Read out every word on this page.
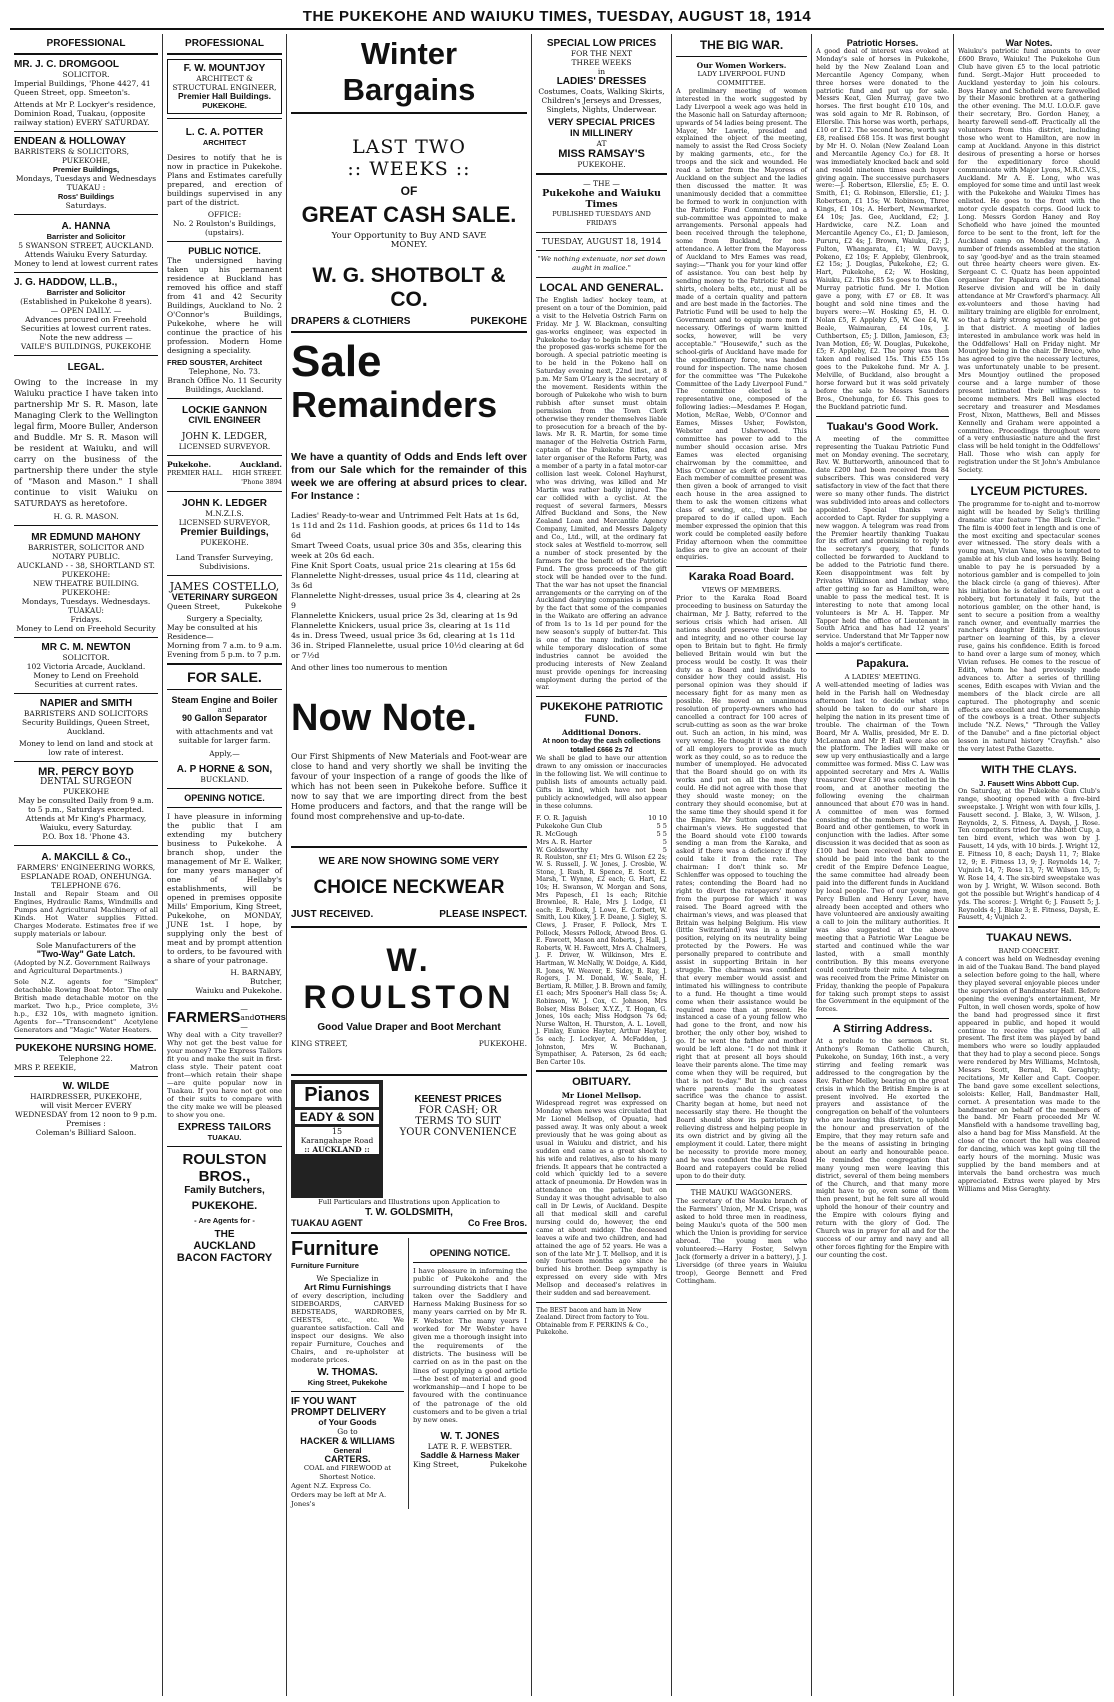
THE PUKEKOHE AND WAIUKU TIMES, TUESDAY, AUGUST 18, 1914
PROFESSIONAL
MR. J. C. DROMGOOL
SOLICITOR.

Imperial Buildings, 'Phone 4427, 41 Queen Street, opp. Smeeton's.

Attends at Mr P. Lockyer's residence, Dominion Road, Tuakau, (opposite railway station) EVERY SATURDAY.

ENDEAN & HOLLOWAY
BARRISTERS & SOLICITORS,
PUKEKOHE,
Premier Buildings,
Mondays, Tuesdays and Wednesdays
TUAKAU :
Ross' Buildings
Saturdays.
A. HANNA
Barrister and Solicitor
5 SWANSON STREET, AUCKLAND.
Attends Waiuku Every Saturday.
Money to lend at lowest current rates
J. G. HADDOW, LL.B.,
Barrister and Solicitor
(Established in Pukekohe 8 years).
— OPEN DAILY. —
Advances procured on Freehold Securities at lowest current rates.
Note the new address —
VAILE'S BUILDINGS, PUKEKOHE
LEGAL.

Owing to the increase in my Waiuku practice I have taken into partnership Mr S. R. Mason, late Managing Clerk to the Wellington legal firm, Moore Buller, Anderson and Buddle. Mr S. R. Mason will be resident at Waiuku, and will carry on the business of the partnership there under the style of "Mason and Mason." I shall continue to visit Waiuku on SATURDAYS as heretofore.

H. G. R. MASON.
MR EDMUND MAHONY
BARRISTER, SOLICITOR AND NOTARY PUBLIC.
AUCKLAND - - 38, SHORTLAND ST.
PUKEKOHE:
NEW THEATRE BUILDING.
PUKEKOHE:
Mondays, Tuesdays. Wednesdays.
TUAKAU:
Fridays.
Money to Lend on Freehold Security
MR C. M. NEWTON
SOLICITOR.
102 Victoria Arcade, Auckland.
Money to Lend on Freehold Securities at current rates.
NAPIER and SMITH
BARRISTERS AND SOLICITORS
Security Buildings, Queen Street, Auckland.
Money to lend on land and stock at low rate of interest.
MR. PERCY BOYD
DENTAL SURGEON
PUKEKOHE
May be consulted Daily from 9 a.m. to 5 p.m., Saturdays excepted.
Attends at Mr King's Pharmacy,
Waiuku, every Saturday.
P.O. Box 18. 'Phone 43.
A. MAKCILL & Co.,
FARMERS' ENGINEERING WORKS,
ESPLANADE ROAD, ONEHUNGA.
TELEPHONE 676.

Install and Repair Steam and Oil Engines, Hydraulic Rams, Windmills and Pumps and Agricultural Machinery of all Kinds. Hot Water supplies Fitted. Charges Moderate. Estimates free if we supply materials or labour.

Sole Manufacturers of the
"Two-Way" Gate Latch.

(Adopted by N.Z. Government Railways and Agricultural Departments.)

Sole N.Z. agents for "Simplex" detachable Rowing Boat Motor. The only British made detachable motor on the market. Two h.p., Price complete, 3½ h.p., £32 10s, with magneto ignition. Agents for—"Transcendent" Acetylene Generators and "Magic" Water Heaters.

PUKEKOHE NURSING HOME.
Telephone 22.
MRS P. REEKIE,	Matron
W. WILDE
HAIRDRESSER, PUKEKOHE,
will visit Mercer EVERY WEDNESDAY from 12 noon to 9 p.m.
Premises :
Coleman's Billiard Saloon.
PROFESSIONAL
F. W. MOUNTJOY
ARCHITECT & STRUCTURAL ENGINEER,
Premier Hall Buildings.
PUKEKOHE.
L. C. A. POTTER
ARCHITECT

Desires to notify that he is now in practice in Pukekohe. Plans and Estimates carefully prepared, and erection of buildings supervised in any part of the district.

OFFICE:
No. 2 Roulston's Buildings, (upstairs).
PUBLIC NOTICE.

The undersigned having taken up his permanent residence at Buckland has removed his office and staff from 41 and 42 Security Buildings, Auckland to No. 2 O'Connor's Buildings, Pukekohe, where he will continue the practice of his profession. Modern Home designing a speciality.

FRED SOUSTER, Architect
Telephone, No. 73.
Branch Office No. 11 Security Buildings, Auckland.
LOCKIE GANNON
CIVIL ENGINEER
JOHN K. LEDGER,
LICENSED SURVEYOR.
Pukekohe.	Auckland.
PREMIER HALL. HIGH STREET.
'Phone 3894
JOHN K. LEDGER
M.N.Z.I.S.
LICENSED SURVEYOR,
Premier Buildings,
PUKEKOHE.
Land Transfer Surveying, Subdivisions.
JAMES COSTELLO,
VETERINARY SURGEON
Queen Street,	Pukekohe
Surgery a Specialty,
May be consulted at his Residence—
Morning from 7 a.m. to 9 a.m.
Evening from 5 p.m. to 7 p.m.
FOR SALE.
Steam Engine and Boiler
and
90 Gallon Separator
with attachments and vat suitable for larger farm.
Apply,—
A. P HORNE & SON,
BUCKLAND.
OPENING NOTICE.

I have pleasure in informing the public that I am extending my butchery business to Pukekohe. A branch shop, under the management of Mr E. Walker, for many years manager of one of Hellaby's establishments, will be opened in premises opposite Mills' Emporium, King Street, Pukekohe, on MONDAY, JUNE 1st. I hope, by supplying only the best of meat and by prompt attention to orders, to be favoured with a share of your patronage.

H. BARNABY,
Butcher,
Waiuku and Pukekohe.
FARMERS
—and—
OTHERS

Why deal with a City traveller? Why not get the best value for your money? The Express Tailors fit you and make the suit in first-class style. Their patent coat front—which retain their shape—are quite popular now in Tuakau. If you have not got one of their suits to compare with the city make we will be pleased to show you one.

EXPRESS TAILORS
TUAKAU.
ROULSTON BROS.,
Family Butchers,
PUKEKOHE.
- Are Agents for -
THE
AUCKLAND
BACON FACTORY
Winter Bargains
LAST TWO
:: WEEKS ::
OF
GREAT CASH SALE.
Your Opportunity to Buy AND SAVE MONEY.
W. G. SHOTBOLT & CO.
DRAPERS & CLOTHIERS	PUKEKOHE
Sale
Remainders

We have a quantity of Odds and Ends left over from our Sale which for the remainder of this week we are offering at absurd prices to clear. For Instance :

Ladies' Ready-to-wear and Untrimmed Felt Hats at 1s 6d, 1s 11d and 2s 11d. Fashion goods, at prices 6s 11d to 14s 6d

Smart Tweed Coats, usual price 30s and 35s, clearing this week at 20s 6d each.

Fine Knit Sport Coats, usual price 21s clearing at 15s 6d

Flannelette Night-dresses, usual price 4s 11d, clearing at 3s 6d

Flannelette Night-dresses, usual price 3s 4, clearing at 2s 9

Flannelette Knickers, usual price 2s 3d, clearing at 1s 9d

Flannelette Knickers, usual price 3s, clearing at 1s 11d

4s in. Dress Tweed, usual price 3s 6d, clearing at 1s 11d

36 in. Striped Flannelette, usual price 10½d clearing at 6d or 7½d

And other lines too numerous to mention
Now Note.

Our First Shipments of New Materials and Foot-wear are close to hand and very shortly we shall be inviting the favour of your inspection of a range of goods the like of which has not been seen in Pukekohe before. Suffice it now to say that we are importing direct from the best Home producers and factors, and that the range will be found most comprehensive and up-to-date.

WE ARE NOW SHOWING SOME VERY
CHOICE NECKWEAR
JUST RECEIVED.	PLEASE INSPECT.
W. ROULSTON
Good Value Draper and Boot Merchant
KING STREET,	PUKEKOHE.
Pianos
EADY & SON
15
Karangahape Road
:: AUCKLAND ::
KEENEST PRICES
FOR CASH; OR
TERMS TO SUIT
YOUR CONVENIENCE
Full Particulars and Illustrations upon Application to
T. W. GOLDSMITH,
TUAKAU AGENT	Co Free Bros.
Furniture
Furniture Furniture
We Specialize in
Art Rimu Furnishings

of every description, including SIDEBOARDS, CARVED BEDSTEADS, WARDROBES, CHESTS, etc., etc. We guarantee satisfaction. Call and inspect our designs. We also repair Furniture, Couches and Chairs, and re-upholster at moderate prices.

W. THOMAS.
King Street, Pukekohe
IF YOU WANT
PROMPT DELIVERY
of Your Goods
Go to
HACKER & WILLIAMS
General
CARTERS.
COAL and FIREWOOD at Shortest Notice.
Agent N.Z. Express Co.
Orders may be left at Mr A. Jones's
OPENING NOTICE.

I have pleasure in informing the public of Pukekohe and the surrounding districts that I have taken over the Saddlery and Harness Making Business for so many years carried on by Mr R. F. Webster. The many years I worked for Mr Webster have given me a thorough insight into the requirements of the districts. The business will be carried on as in the past on the lines of supplying a good article—the best of material and good workmanship—and I hope to be favoured with the continuance of the patronage of the old customers and to be given a trial by new ones.

W. T. JONES
LATE R. F. WEBSTER.
Saddle & Harness Maker
King Street,	Pukekohe
SPECIAL LOW PRICES
FOR THE NEXT
THREE WEEKS
in
LADIES' DRESSES

Costumes, Coats, Walking Skirts, Children's Jerseys and Dresses, Singlets, Nights, Underwear.

VERY SPECIAL PRICES
IN MILLINERY
AT
MISS RAMSAY'S
PUKEKOHE.
— THE —
Pukekohe and Waiuku Times
PUBLISHED TUESDAYS AND FRIDAYS
TUESDAY, AUGUST 18, 1914
"We nothing extenuate, nor set down aught in malice."
LOCAL AND GENERAL.

The English ladies' hockey team, at present on a tour of the Dominion, paid a visit to the Helvetia Ostrich Farm on Friday. Mr J. W. Blackman, consulting gas-works engineer, was expected in Pukekohe to-day to begin his report on the proposed gas-works scheme for the borough. A special patriotic meeting is to be held in the Pokeno hall on Saturday evening next, 22nd inst., at 8 p.m. Mr Sam O'Leary is the secretary of the movement. Residents within the borough of Pukekohe who wish to burn rubbish after sunset must obtain permission from the Town Clerk otherwise they render themselves liable to prosecution for a breach of the by-laws. Mr R. R. Martin, for some time manager of the Helvetia Ostrich Farm, captain of the Pukekohe Rifles, and later organiser of the Reform Party, was a member of a party in a fatal motor-car collision last week. Colonel Hayhurst, who was driving, was killed and Mr Martin was rather badly injured. The car collided with a cyclist. At the request of several farmers, Messrs Alfred Buckland and Sons, the New Zealand Loan and Mercantile Agency Company, Limited, and Messrs Dalgety and Co., Ltd., will, at the ordinary fat stock sales at Westfield to-morrow, sell a number of stock presented by the farmers for the benefit of the Patriotic Fund. The gross proceeds of the gift stock will be handed over to the fund. That the war has not upset the financial arrangements or the carrying on of the Auckland dairying companies is proved by the fact that some of the companies in the Waikato are offering an advance of from 1s to 1s 1d per pound for the new season's supply of butter-fat. This is one of the many indications that while temporary dislocation of some industries cannot be avoided the producing interests of New Zealand must provide openings for increasing employment during the period of the war.

PUKEKOHE PATRIOTIC FUND.
Additional Donors.
At noon to-day the cash collections totalled £666 2s 7d

We shall be glad to have our attention drawn to any omission or inaccuracies in the following list. We will continue to publish lists of amounts actually paid. Gifts in kind, which have not been publicly acknowledged, will also appear in these columns.

F. O. R. Jaguish	10 10
Pukekohe Gun Club	5 5
R. McGough	5 5
Mrs A. R. Harter	5
W. Goldsworthy	5

R. Roulston, snr £1; Mrs G. Wilson £2 2s; W. S. Russell, J. W. Jones, J. Crosbie, W. Stone, J. Rush, R. Spence, E. Scott, E. Marsh, T. Wynne, £2 each; G. Hart, £2 10s; H. Swanson, W. Morgan and Sons, Mrs Papesch, £1 1s each; Ritchie Brownlee, R. Hale, Mrs J. Lodge, £1 each; E. Pollock, J. Lowe, E. Corbett, W. Smith, Lou Kikey, J. F. Deane, J. Sigley, S. Clews, J. Fraser, F. Pollock, Mrs T. Pollock, Messrs Pollock, Atwood Bros. G. E. Fawcett, Mason and Roberts, J. Hall, J. Roberts, W. H. Fawcett, Mrs A. Chalmers, J. F. Driver, W. Wilkinson, Mrs E. Hartman, W. McNally, W. Doidge, A. Kidd, R. Jones, W. Weaver, E. Sidey, B. Ray, J. Rogers, J. M. Donald, W. Seale, H. Bertiam, R. Miller, J. B. Brown and family, £1 each; Mrs Spooner's Hall class 5s; A. Robinson, W. J. Cox, C. Johnson, Mrs Bolser, Miss Bolser, X.Y.Z., T. Hogan, G. Jones, 10s each; Miss Hodgson 7s 6d; Nurse Walton, H. Thurston, A. L. Lovell, J. Finlay, Eunice Hayter, Arthur Hayter, 5s each; J. Lockyer, A. McFadden, J. Johnston, Mrs W. Buchanan, Sympathiser, A. Paterson, 2s 6d each; Ben Carter 10s.

OBITUARY.
Mr Lionel Mellsop.

Widespread regret was expressed on Monday when news was circulated that Mr Lionel Mellsop, of Opuatia, had passed away. It was only about a week previously that he was going about as usual in Waiuku and district, and his sudden end came as a great shock to his wife and relatives, also to his many friends. It appears that he contracted a cold which quickly led to a severe attack of pneumonia. Dr Howden was in attendance on the patient, but on Sunday it was thought advisable to also call in Dr Lewis, of Auckland. Despite all that medical skill and careful nursing could do, however, the end came at about midday. The deceased leaves a wife and two children, and had attained the age of 52 years. He was a son of the late Mr J. T. Mellsop, and it is only fourteen months ago since he buried his brother. Deep sympathy is expressed on every side with Mrs Mellsop and deceased's relatives in their sudden and sad bereavement.

The BEST bacon and ham in New Zealand. Direct from factory to You. Obtainable from F. PERKINS & Co., Pukekohe.

THE BIG WAR.
Our Women Workers.
LADY LIVERPOOL FUND COMMITTEE.

A preliminary meeting of women interested in the work suggested by Lady Liverpool a week ago was held in the Masonic hall on Saturday afternoon; upwards of 54 ladies being present. The Mayor, Mr Lawrie, presided and explained the object of the meeting, namely to assist the Red Cross Society by making garments, etc., for the troops and the sick and wounded. He read a letter from the Mayoress of Auckland on the subject and the ladies then discussed the matter. It was unanimously decided that a committee be formed to work in conjunction with the Patriotic Fund Committee, and a sub-committee was appointed to make arrangements. Personal appeals had been received through the telephone, some from Buckland, for non-attendance. A letter from the Mayoress of Auckland to Mrs Eames was read, saying:—"Thank you for your kind offer of assistance. You can best help by sending money to the Patriotic Fund as shirts, cholera belts, etc., must all be made of a certain quality and pattern and are best made in the factories. The Patriotic Fund will be used to help the Government and to equip more men if necessary. Offerings of warm knitted socks, however, will be very acceptable." "Housewife," such as the school-girls of Auckland have made for the expeditionary force, was handed round for inspection. The name chosen for the committee was "The Pukekohe Committee of the Lady Liverpool Fund." The committee elected is a representative one, composed of the following ladies:—Mesdames P. Hogan, Motion, McRae, Webb, O'Connor and Eames, Misses Usher, Fowlston, Webster and Usherwood. This committee has power to add to the number should occasion arise. Mrs Eames was elected organising chairwoman by the committee, and Miss O'Connor as clerk of committee. Each member of committee present was then given a book of arranged to visit each house in the area assigned to them to ask the women citizens what class of sewing, etc., they will be prepared to do if called upon. Each member expressed the opinion that this work could be completed easily before Friday afternoon when the committee ladies are to give an account of their enquiries.

Karaka Road Board.
VIEWS OF MEMBERS.

Prior to the Karaka Road Board proceeding to business on Saturday the chairman, Mr J. Batty, referred to the serious crisis which had arisen. All nations should preserve their honour and integrity, and no other course lay open to Britain but to fight. He firmly believed Britain would win but the process would be costly. It was their duty as a Board and individuals to consider how they could assist. His personal opinion was they should if necessary fight for as many men as possible. He moved an unanimous resolution of property-owners who had cancelled a contract for 100 acres of scrub-cutting as soon as the war broke out. Such an action, in his mind, was very wrong. He thought it was the duty of all employers to provide as much work as they could, so as to reduce the number of unemployed. He advocated that the Board should go on with its works and put on all the men they could. He did not agree with those that they should waste money; on the contrary they should economise, but at the same time they should spend it for the Empire. Mr Sutton endorsed the chairman's views. He suggested that the Board should vote £100 towards sending a man from the Karaka, and asked if there was a deficiency if they could take it from the rate. The chairman: I don't think so. Mr Schlenffer was opposed to touching the rates; contending the Board had no right to divert the ratepayers' money from the purpose for which it was raised. The Board agreed with the chairman's views, and was pleased that Britain was helping Belgium. His view (little Switzerland) was in a similar position, relying on its neutrality being protected by the Powers. He was personally prepared to contribute and assist in supporting Britain in her struggle. The chairman was confident that every member would assist and intimated his willingness to contribute to a fund. He thought a time would come when their assistance would be required more than at present. He instanced a case of a young fellow who had gone to the front, and now his brother, the only other boy, wished to go. If he went the father and mother would be left alone. "I do not think it right that at present all boys should leave their parents alone. The time may come when they will be required, but that is not to-day." But in such cases where parents made the greatest sacrifice was the chance to assist. Charity began at home, but need not necessarily stay there. He thought the Board should show its patriotism by relieving distress and helping people in its own district and by giving all the employment it could. Later, there might be necessity to provide more money, and he was confident the Karaka Road Board and ratepayers could be relied upon to do their duty.

THE MAUKU WAGGONERS.

The secretary of the Mauku branch of the Farmers' Union, Mr M. Crispe, was asked to hold three men in readiness, being Mauku's quota of the 500 men which the Union is providing for service abroad. The young men who volunteered:—Harry Foster, Selwyn Jack (formerly a driver in a battery), J. J. Liversidge (of three years in Waiuku troop), George Bennett and Fred Cottingham.

Patriotic Horses.

A good deal of interest was evoked at Monday's sale of horses in Pukekohe, held by the New Zealand Loan and Mercantile Agency Company, when three horses were donated to the patriotic fund and put up for sale. Messrs Keat, Glen Murray, gave two horses. The first bought £10 10s, and was sold again to Mr R. Robinson, of Ellerslie. This horse was worth, perhaps, £10 or £12. The second horse, worth say £8, realised £68 15s. It was first bought by Mr H. O. Nolan (New Zealand Loan and Mercantile Agency Co.) for £8. It was immediately knocked back and sold and resold nineteen times each buyer giving again. The successive purchasers were:—J. Robertson, Ellerslie, £5; E. O. Smith, £1; G. Robinson, Ellerslie, £1; J. Robertson, £1 15s; W. Robinson, Three Kings, £1 10s; A. Herbert, Newmarket, £4 10s; Jas. Gee, Auckland, £2; J. Hardwicke, care N.Z. Loan and Mercantile Agency Co., £1; D. Jamieson, Pururu, £2 4s; J. Brown, Waiuku, £2; J. Fulton, Whangarata, £1; W. Davys, Pokeno, £2 10s; F. Appleby, Glenbrook, £2 15s; J. Douglas, Pukekohe, £2; G. Hart, Pukekohe, £2; W. Hosking, Waiuku, £2. This £85 5s goes to the Glen Murray patriotic fund. Mr I. Motion gave a pony, with £7 or £8. It was bought and sold nine times and the buyers were:—W. Hosking £5, H. O. Nolan £5, F. Appleby £5, W. Gee £4, W. Beale, Waimauran, £4 10s, J. Cuthbertson, £5; J. Dillon, Jamieson, £3; Ivan Motion, £6; W. Douglas, Pukekohe, £5; F. Appleby, £2. The pony was then taken and realised 15s. This £55 15s goes to the Pukekohe fund. Mr A. J. Melville, of Buckland, also brought a horse forward but it was sold privately before the sale to Messrs Saunders Bros., Onehunga, for £6. This goes to the Buckland patriotic fund.

Tuakau's Good Work.

A meeting of the committee representing the Tuakau Patriotic Fund met on Monday evening. The secretary, Rev. W. Butterworth, announced that to date £200 had been received from 84 subscribers. This was considered very satisfactory in view of the fact that there were so many other funds. The district was subdivided into areas and collectors appointed. Special thanks were accorded to Capt. Ryder for supplying a new waggon. A telegram was read from the Premier heartily thanking Tuakau for its effort and promising to reply to the secretary's query, that funds collected be forwarded to Auckland to be added to the Patriotic fund there. Keen disappointment was felt by Privates Wilkinson and Lindsay who, after getting so far as Hamilton, were unable to pass the medical test. It is interesting to note that among local volunteers is Mr A. H. Tapper. Mr Tapper held the office of Lieutenant in South Africa and has had 12 years' service. Understand that Mr Tapper now holds a major's certificate.

Papakura.
A LADIES' MEETING.

A well-attended meeting of ladies was held in the Parish hall on Wednesday afternoon last to decide what steps should be taken to do our share in helping the nation in its present time of trouble. The chairman of the Town Board, Mr A. Wallis, presided, Mr E. D. McLennan and Mr P. Hall were also on the platform. The ladies will make or sew up very enthusiastically and a large committee was formed. Miss C. Law was appointed secretary and Mrs A. Wallis treasurer. Over £30 was collected in the room, and at another meeting the following evening the chairman announced that about £70 was in hand. A committee of men was formed consisting of the members of the Town Board and other gentlemen, to work in conjunction with the ladies. After some discussion it was decided that as soon as £100 had been received that amount should be paid into the bank to the credit of the Empire Defence League, the same committee had already been paid into the different funds in Auckland by local people. Two of our young men, Percy Bullen and Henry Lever, have already been accepted and others who have volunteered are anxiously awaiting a call to join the military authorities. It was also suggested at the above meeting that a Patriotic War League be started and continued while the war lasted, with a small monthly contribution. By this means everyone could contribute their mite. A telegram was received from the Prime Minister on Friday, thanking the people of Papakura for taking such prompt steps to assist the Government in the equipment of the forces.

A Stirring Address.

At a prelude to the sermon at St. Anthony's Roman Catholic Church, Pukekohe, on Sunday, 16th inst., a very stirring and feeling remark was addressed to the congregation by the Rev. Father Melloy, bearing on the great crisis in which the British Empire is at present involved. He exorted the prayers and assistance of the congregation on behalf of the volunteers who are leaving this district, to uphold the honour and preservation of the Empire, that they may return safe and be the means of assisting in bringing about an early and honourable peace. He reminded the congregation that many young men were leaving this district, several of them being members of the Church, and that many more might have to go, even some of them then present, but he felt sure all would uphold the honour of their country and the Empire with colours flying and return with the glory of God. The Church was in prayer for all and for the success of our army and navy and all other forces fighting for the Empire with our counting the cost.

War Notes.

Waiuku's patriotic fund amounts to over £600 Bravo, Waiuku! The Pukekohe Gun Club have given £5 to the local patriotic fund. Sergt.-Major Hutt proceeded to Auckland yesterday to join his colours. Boys Haney and Schofield were farewelled by their Masonic brethren at a gathering the other evening. The M.U. I.O.O.F. gave their secretary, Bro. Gordon Haney, a hearty farewell send-off. Practically all the volunteers from this district, including those who went to Hamilton, are now in camp at Auckland. Anyone in this district desirous of presenting a horse or horses for the expeditionary force should communicate with Major Lyons, M.R.C.V.S., Auckland. Mr A. E. Long, who was employed for some time and until last week with the Pukekohe and Waiuku Times has enlisted. He goes to the front with the motor cycle despatch corps. Good luck to Long. Messrs Gordon Haney and Roy Schofield who have joined the mounted force to be sent to the front, left for the Auckland camp on Monday morning. A number of friends assembled at the station to say 'good-bye' and as the train steamed out three hearty cheers were given. Ex-Sergeant C. C. Quatz has been appointed organiser for Papakura of the National Reserve division and will be in daily attendance at Mr Crawford's pharmacy. All ex-volunteers and those having had military training are eligible for enrolment, so that a fairly strong squad should be got in that district. A meeting of ladies interested in ambulance work was held in the Oddfellows' Hall on Friday night. Mr Mountjoy being in the chair. Dr Bruce, who has agreed to give the necessary lectures, was unfortunately unable to be present. Mrs Mountjoy outlined the proposed course and a large number of those present intimated their willingness to become members. Mrs Bell was elected secretary and treasurer and Mesdames Frost, Nixon, Matthews, Bell and Misses Kennelly and Graham were appointed a committee. Proceedings throughout were of a very enthusiastic nature and the first class will be held tonight in the Oddfellows' Hall. Those who wish can apply for registration under the St John's Ambulance Society.

LYCEUM PICTURES.

The programme for to-night and to-morrow night will be headed by Selig's thrilling dramatic star feature "The Black Circle." The film is 4000 feet in length and is one of the most exciting and spectacular scenes ever witnessed. The story deals with a young man, Vivian Vane, who is tempted to gamble at his club and loses heavily. Being unable to pay he is persuaded by a notorious gambler and is compelled to join the black circle (a gang of thieves). After his initiation he is detailed to carry out a robbery, but fortunately it fails, but the notorious gambler, on the other hand, is sent to secure a position from a wealthy ranch owner, and eventually marries the rancher's daughter Edith. His previous partner on learning of this, by a clever ruse, gains his confidence. Edith is forced to hand over a large sum of money, which Vivian refuses. He comes to the rescue of Edith, whom he had previously made advances to. After a series of thrilling scenes, Edith escapes with Vivian and the members of the black circle are all captured. The photography and scenic effects are excellent and the horsemanship of the cowboys is a treat. Other subjects include "N.Z. News," "Through the Valley of the Danube" and a fine pictorial object lesson in natural history "Crayfish." also the very latest Pathe Gazette.

WITH THE CLAYS.
J. Fausett Wins Abbott Cup.

On Saturday, at the Pukekohe Gun Club's range, shooting opened with a five-bird sweepstake. J. Wright won with four kills, J. Fausett second. J. Blake, 3, W. Wilson, J. Reynolds, 2, S. Fitness, A. Daysh, J. Rose. Ten competitors tried for the Abbott Cup, a ten bird event, which was won by J. Fausett, 14 yds, with 10 birds. J. Wright 12, E. Fitness 10, 8 each; Daysh 11, 7; Blake 12, 9; E. Fitness 13, 9; J. Reynolds 14, 7; Vujnich 14, 7; Rose 13, 7; W. Wilson 15, 5; W. Rose 14, 4. The six-bird sweepstake was won by J. Wright, W. Wilson second. Both got the possible but Wright's handicap of 4 yds. The scores: J. Wright 6; J. Fausett 5; J. Reynolds 4; J. Blake 3; E. Fitness, Daysh, E. Fausett, 4; Vujnich 2.

TUAKAU NEWS.
BAND CONCERT.

A concert was held on Wednesday evening in aid of the Tuakau Band. The band played a selection before going to the hall, where they played several enjoyable pieces under the supervision of Bandmaster Hall. Before opening the evening's entertainment, Mr Fulton, in well chosen words, spoke of how the band had progressed since it first appeared in public, and hoped it would continue to receive the support of all present. The first item was played by band members who were so loudly applauded that they had to play a second piece. Songs were rendered by Mrs Williams, McIntosh, Messrs Scott, Bernal, R. Geraghty; recitations, Mr Keller and Capt. Cooper. The band gave some excellent selections, soloists: Keller, Hall, Bandmaster Hall, cornet. A presentation was made to the bandmaster on behalf of the members of the band. Mr Fearn proceeded Mr W. Mansfield with a handsome travelling bag, also a hand bag for Miss Mansfield. At the close of the concert the hall was cleared for dancing, which was kept going till the early hours of the morning. Music was supplied by the band members and at intervals the band orchestra was much appreciated. Extras were played by Mrs Williams and Miss Geraghty.
